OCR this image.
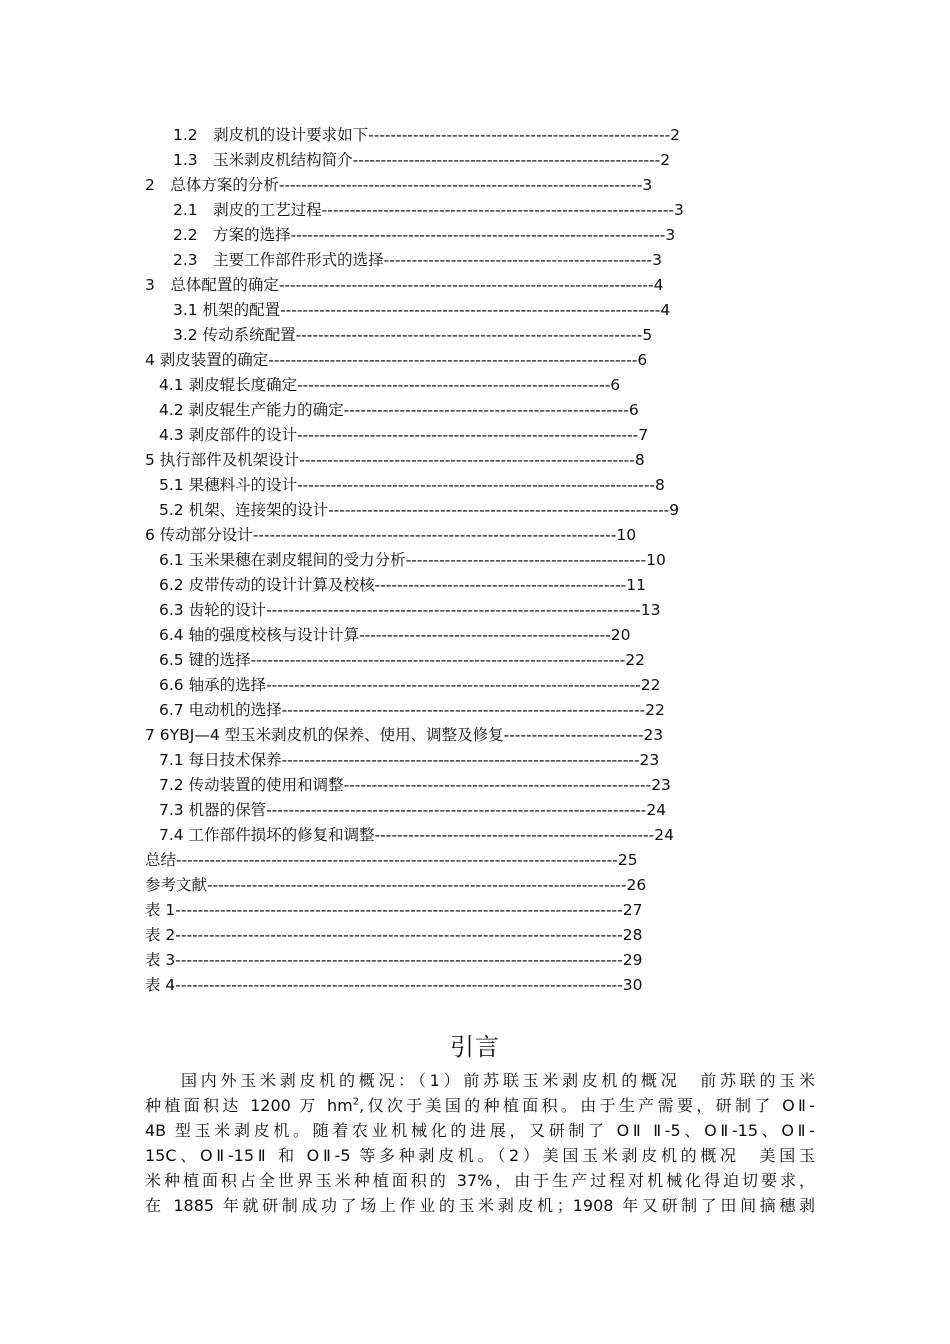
1.2　剥皮机的设计要求如下------------------------------------------------------2
1.3　玉米剥皮机结构简介-------------------------------------------------------2
2　总体方案的分析-----------------------------------------------------------------3
2.1　剥皮的工艺过程---------------------------------------------------------------3
2.2　方案的选择-------------------------------------------------------------------3
2.3　主要工作部件形式的选择------------------------------------------------3
3　总体配置的确定-------------------------------------------------------------------4
3.1 机架的配置--------------------------------------------------------------------4
3.2 传动系统配置--------------------------------------------------------------5
4 剥皮装置的确定------------------------------------------------------------------6
4.1 剥皮辊长度确定--------------------------------------------------------6
4.2 剥皮辊生产能力的确定---------------------------------------------------6
4.3 剥皮部件的设计-------------------------------------------------------------7
5 执行部件及机架设计------------------------------------------------------------8
5.1 果穗料斗的设计----------------------------------------------------------------8
5.2 机架、连接架的设计-------------------------------------------------------------9
6 传动部分设计-----------------------------------------------------------------10
6.1 玉米果穗在剥皮辊间的受力分析-------------------------------------------10
6.2 皮带传动的设计计算及校核---------------------------------------------11
6.3 齿轮的设计-------------------------------------------------------------------13
6.4 轴的强度校核与设计计算---------------------------------------------20
6.5 键的选择-------------------------------------------------------------------22
6.6 轴承的选择-------------------------------------------------------------------22
6.7 电动机的选择-----------------------------------------------------------------22
7 6YBJ—4 型玉米剥皮机的保养、使用、调整及修复-------------------------23
7.1 每日技术保养----------------------------------------------------------------23
7.2 传动装置的使用和调整-------------------------------------------------------23
7.3 机器的保管--------------------------------------------------------------------24
7.4 工作部件损坏的修复和调整--------------------------------------------------24
总结-------------------------------------------------------------------------------25
参考文献---------------------------------------------------------------------------26
表 1--------------------------------------------------------------------------------27
表 2--------------------------------------------------------------------------------28
表 3--------------------------------------------------------------------------------29
表 4--------------------------------------------------------------------------------30
引言
国内外玉米剥皮机的概况：（1）前苏联玉米剥皮机的概况　前苏联的玉米
种植面积达 1200 万 $hm^2$,仅次于美国的种植面积。由于生产需要，研制了 OⅡ-
4B 型玉米剥皮机。随着农业机械化的进展，又研制了 OⅡ Ⅱ-5、OⅡ-15、OⅡ-
15C、OⅡ-15Ⅱ 和 OⅡ-5 等多种剥皮机。（2）美国玉米剥皮机的概况　美国玉
米种植面积占全世界玉米种植面积的 37%，由于生产过程对机械化得迫切要求，
在 1885 年就研制成功了场上作业的玉米剥皮机；1908 年又研制了田间摘穗剥
